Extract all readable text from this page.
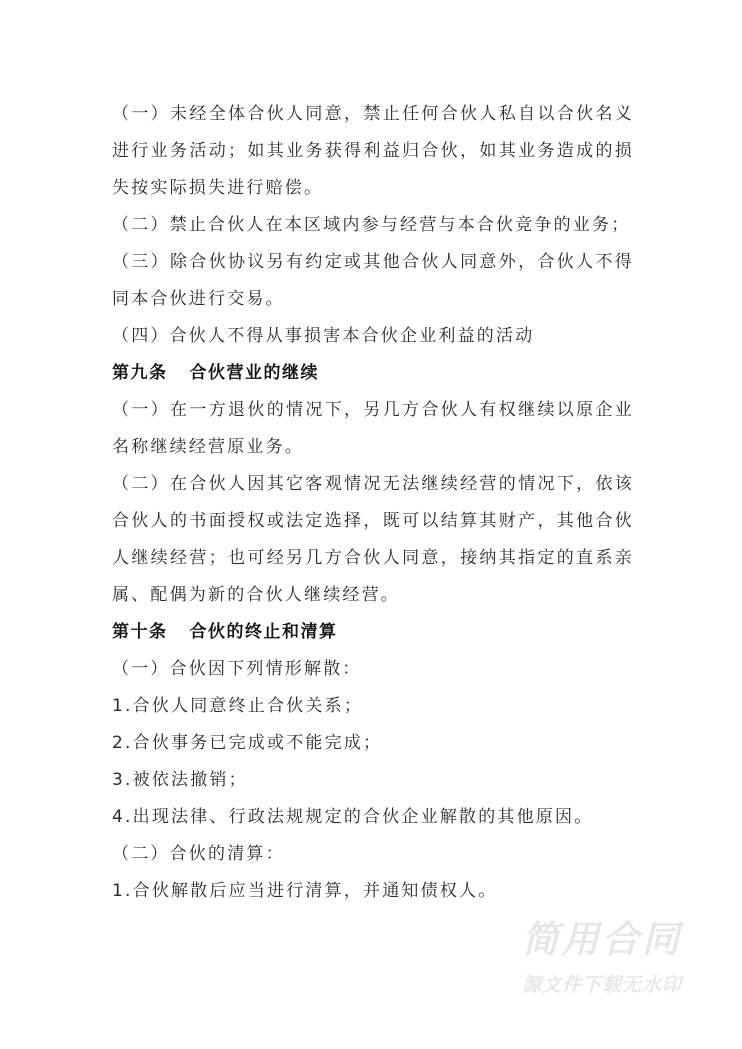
（一）未经全体合伙人同意，禁止任何合伙人私自以合伙名义进行业务活动；如其业务获得利益归合伙，如其业务造成的损失按实际损失进行赔偿。

（二）禁止合伙人在本区域内参与经营与本合伙竞争的业务；

（三）除合伙协议另有约定或其他合伙人同意外，合伙人不得同本合伙进行交易。

（四）合伙人不得从事损害本合伙企业利益的活动

第九条 合伙营业的继续

（一）在一方退伙的情况下，另几方合伙人有权继续以原企业名称继续经营原业务。

（二）在合伙人因其它客观情况无法继续经营的情况下，依该合伙人的书面授权或法定选择，既可以结算其财产，其他合伙人继续经营；也可经另几方合伙人同意，接纳其指定的直系亲属、配偶为新的合伙人继续经营。

第十条 合伙的终止和清算

（一）合伙因下列情形解散：

1.合伙人同意终止合伙关系；

2.合伙事务已完成或不能完成；

3.被依法撤销；

4.出现法律、行政法规规定的合伙企业解散的其他原因。

（二）合伙的清算：

1.合伙解散后应当进行清算，并通知债权人。

简用合同
源文件下载无水印
